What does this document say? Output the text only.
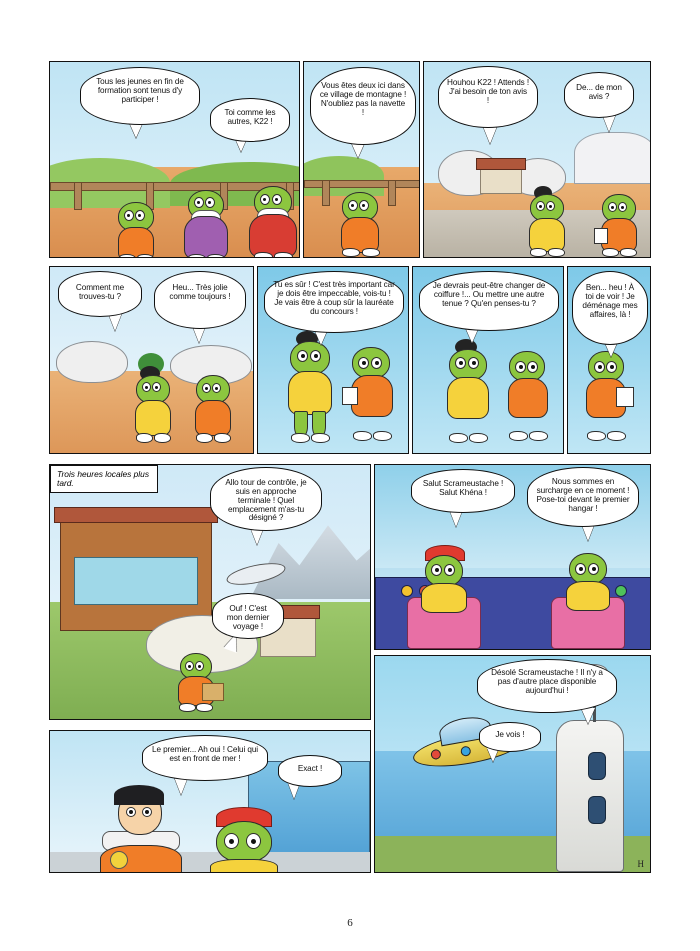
Tous les jeunes en fin de formation sont tenus d'y participer !
Toi comme les autres, K22 !
Vous êtes deux ici dans ce village de montagne ! N'oubliez pas la navette !
Houhou K22 ! Attends ! J'ai besoin de ton avis !
De... de mon avis ?
Comment me trouves-tu ?
Heu... Très jolie comme toujours !
Tu es sûr ! C'est très important car je dois être impeccable, vois-tu ! Je vais être à coup sûr la lauréate du concours !
Je devrais peut-être changer de coiffure !... Ou mettre une autre tenue ? Qu'en penses-tu ?
Ben... heu ! À toi de voir ! Je déménage mes affaires, là !
Trois heures locales plus tard.	Allo tour de contrôle, je suis en approche terminale ! Quel emplacement m'as-tu désigné ?
Ouf ! C'est mon dernier voyage !
Salut Scrameustache ! Salut Khéna !
Nous sommes en surcharge en ce moment ! Pose-toi devant le premier hangar !
Désolé Scrameustache ! Il n'y a pas d'autre place disponible aujourd'hui !
Je vois !
H
Le premier... Ah oui ! Celui qui est en front de mer !
Exact !
6
